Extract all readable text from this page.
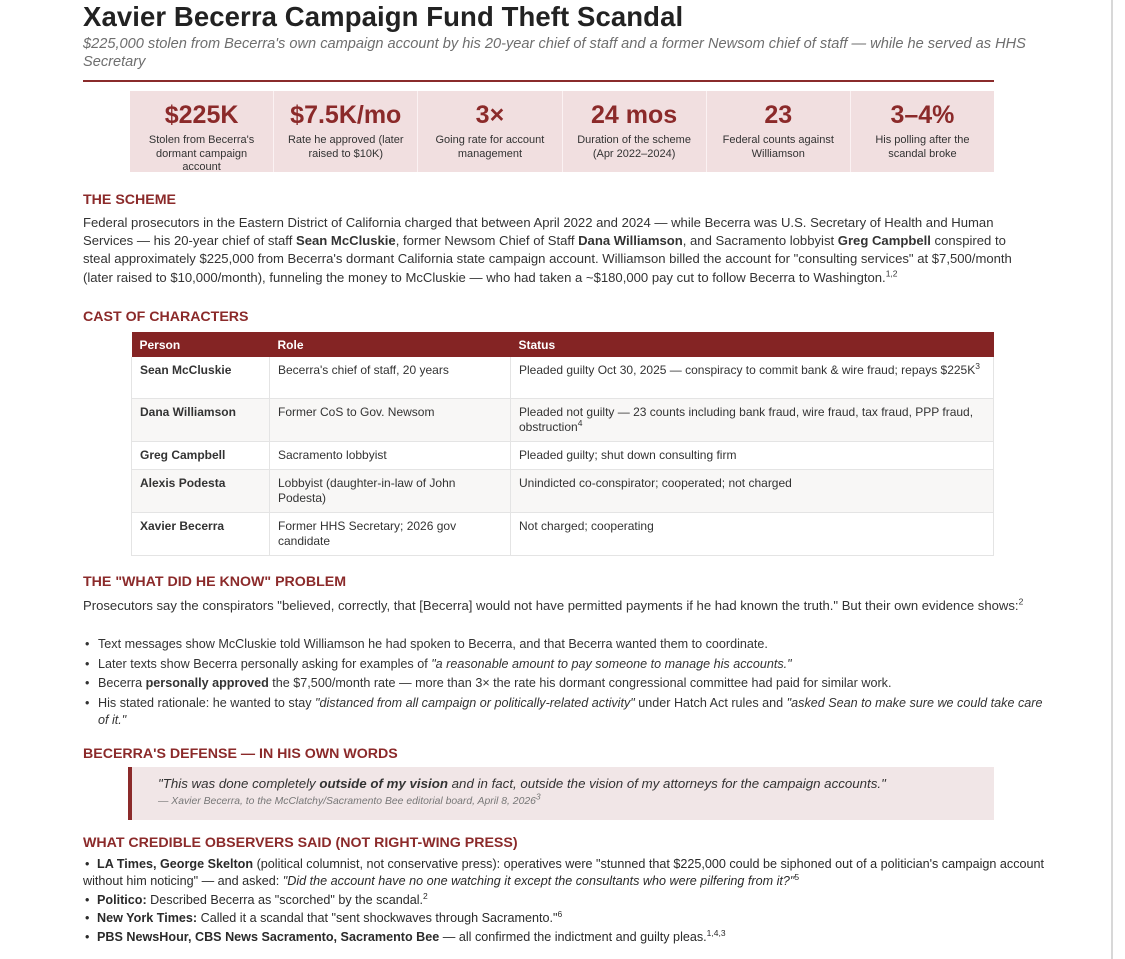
Xavier Becerra Campaign Fund Theft Scandal
$225,000 stolen from Becerra's own campaign account by his 20-year chief of staff and a former Newsom chief of staff — while he served as HHS Secretary
$225K
Stolen from Becerra's dormant campaign account
$7.5K/mo
Rate he approved (later raised to $10K)
3×
Going rate for account management
24 mos
Duration of the scheme (Apr 2022–2024)
23
Federal counts against Williamson
3–4%
His polling after the scandal broke
THE SCHEME

Federal prosecutors in the Eastern District of California charged that between April 2022 and 2024 — while Becerra was U.S. Secretary of Health and Human Services — his 20-year chief of staff Sean McCluskie, former Newsom Chief of Staff Dana Williamson, and Sacramento lobbyist Greg Campbell conspired to steal approximately $225,000 from Becerra's dormant California state campaign account. Williamson billed the account for "consulting services" at $7,500/month (later raised to $10,000/month), funneling the money to McCluskie — who had taken a ~$180,000 pay cut to follow Becerra to Washington.$^{1,2}$

CAST OF CHARACTERS
Person	Role	Status
Sean McCluskie	Becerra's chief of staff, 20 years	Pleaded guilty Oct 30, 2025 — conspiracy to commit bank & wire fraud; repays $\$225K^3$
Dana Williamson	Former CoS to Gov. Newsom	Pleaded not guilty — 23 counts including bank fraud, wire fraud, tax fraud, PPP fraud, obstruction$^4$
Greg Campbell	Sacramento lobbyist	Pleaded guilty; shut down consulting firm
Alexis Podesta	Lobbyist (daughter-in-law of John Podesta)	Unindicted co-conspirator; cooperated; not charged
Xavier Becerra	Former HHS Secretary; 2026 gov candidate	Not charged; cooperating
THE "WHAT DID HE KNOW" PROBLEM

Prosecutors say the conspirators "believed, correctly, that [Becerra] would not have permitted payments if he had known the truth." But their own evidence shows:$^2$

• Text messages show McCluskie told Williamson he had spoken to Becerra, and that Becerra wanted them to coordinate.
• Later texts show Becerra personally asking for examples of "a reasonable amount to pay someone to manage his accounts."
• Becerra personally approved the $7,500/month rate — more than 3× the rate his dormant congressional committee had paid for similar work.
• His stated rationale: he wanted to stay "distanced from all campaign or politically-related activity" under Hatch Act rules and "asked Sean to make sure we could take care of it."
BECERRA'S DEFENSE — IN HIS OWN WORDS
"This was done completely outside of my vision and in fact, outside the vision of my attorneys for the campaign accounts."
— Xavier Becerra, to the McClatchy/Sacramento Bee editorial board, April 8, 2026$^3$
WHAT CREDIBLE OBSERVERS SAID (NOT RIGHT-WING PRESS)
• LA Times, George Skelton (political columnist, not conservative press): operatives were "stunned that $225,000 could be siphoned out of a politician's campaign account without him noticing" — and asked: "Did the account have no one watching it except the consultants who were pilfering from it?"$^5$
• Politico: Described Becerra as "scorched" by the scandal.$^2$
• New York Times: Called it a scandal that "sent shockwaves through Sacramento."$^6$
• PBS NewsHour, CBS News Sacramento, Sacramento Bee — all confirmed the indictment and guilty pleas.$^{1,4,3}$
